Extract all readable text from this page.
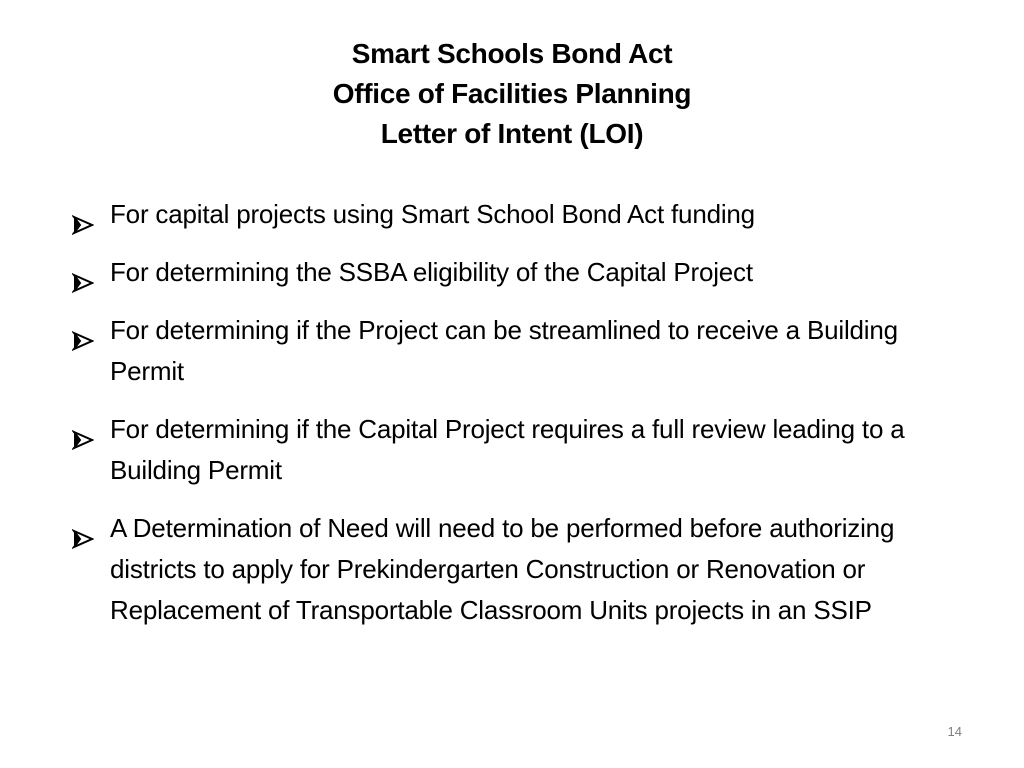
Smart Schools Bond Act
Office of Facilities Planning
Letter of Intent (LOI)
For capital projects using Smart School Bond Act funding
For determining the SSBA eligibility of the Capital Project
For determining if the Project can be streamlined to receive a Building Permit
For determining if the Capital Project requires a full review leading to a Building Permit
A Determination of Need will need to be performed before authorizing districts to apply for Prekindergarten Construction or Renovation or Replacement of Transportable Classroom Units projects in an SSIP
14
